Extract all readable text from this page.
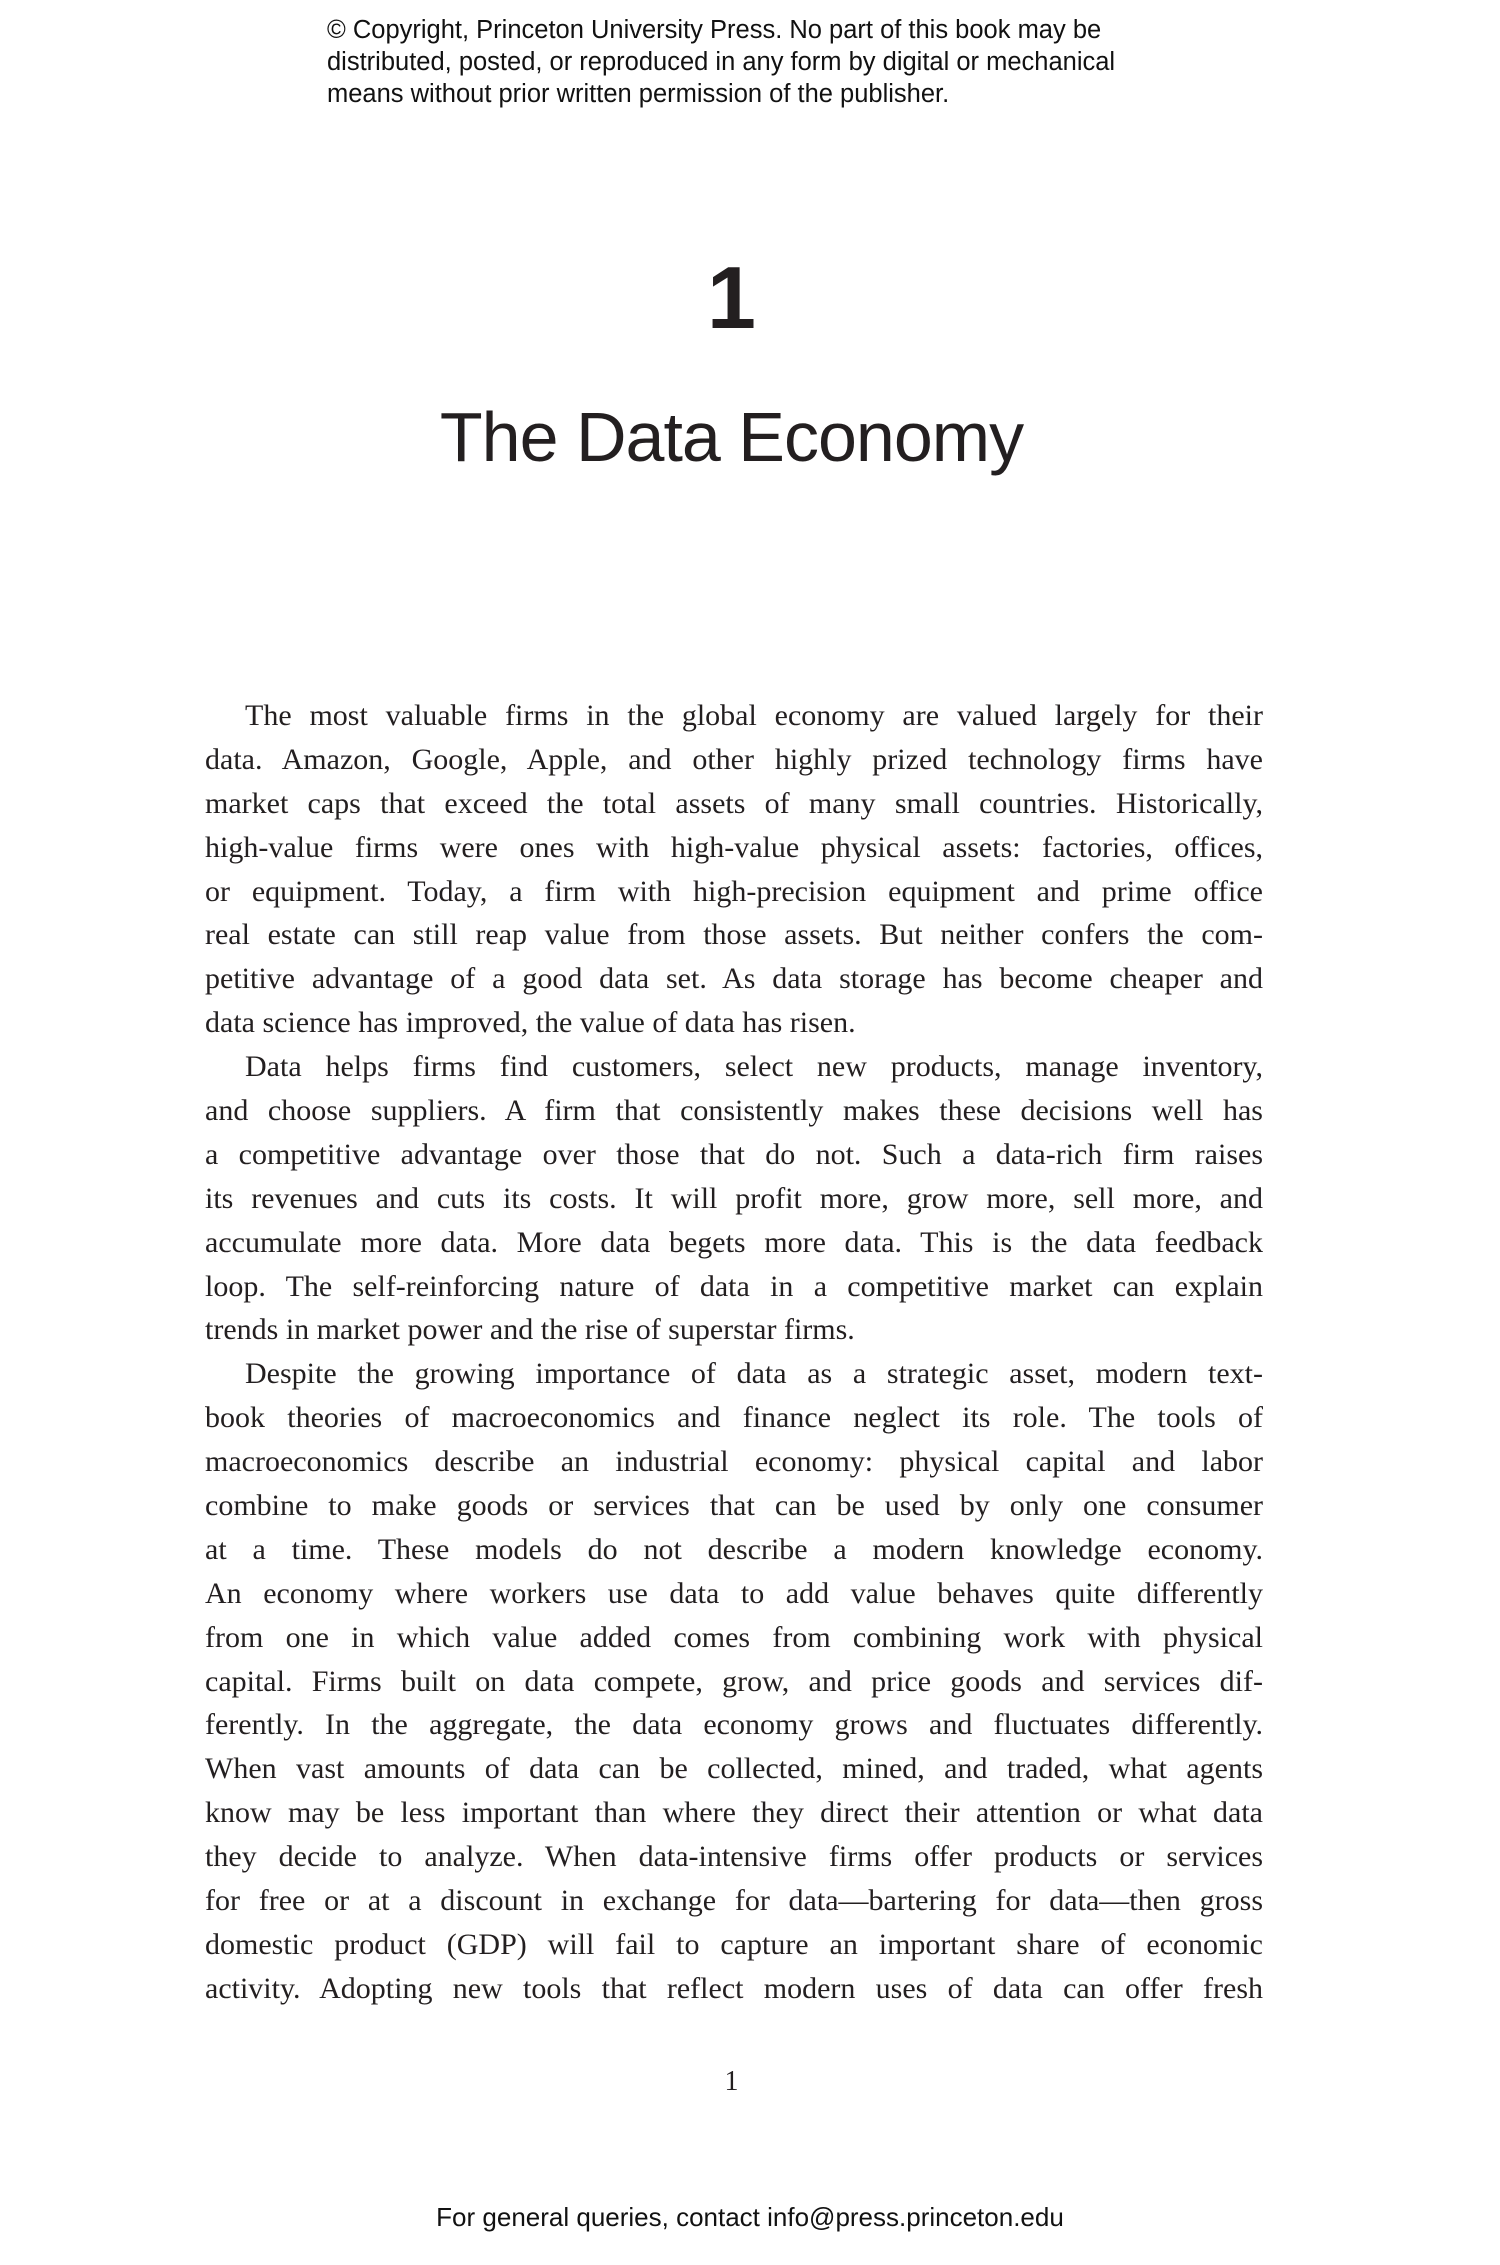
© Copyright, Princeton University Press. No part of this book may be
distributed, posted, or reproduced in any form by digital or mechanical
means without prior written permission of the publisher.
1
The Data Economy
The most valuable firms in the global economy are valued largely for their
data. Amazon, Google, Apple, and other highly prized technology firms have
market caps that exceed the total assets of many small countries. Historically,
high-value firms were ones with high-value physical assets: factories, offices,
or equipment. Today, a firm with high-precision equipment and prime office
real estate can still reap value from those assets. But neither confers the com-
petitive advantage of a good data set. As data storage has become cheaper and
data science has improved, the value of data has risen.
Data helps firms find customers, select new products, manage inventory,
and choose suppliers. A firm that consistently makes these decisions well has
a competitive advantage over those that do not. Such a data-rich firm raises
its revenues and cuts its costs. It will profit more, grow more, sell more, and
accumulate more data. More data begets more data. This is the data feedback
loop. The self-reinforcing nature of data in a competitive market can explain
trends in market power and the rise of superstar firms.
Despite the growing importance of data as a strategic asset, modern text-
book theories of macroeconomics and finance neglect its role. The tools of
macroeconomics describe an industrial economy: physical capital and labor
combine to make goods or services that can be used by only one consumer
at a time. These models do not describe a modern knowledge economy.
An economy where workers use data to add value behaves quite differently
from one in which value added comes from combining work with physical
capital. Firms built on data compete, grow, and price goods and services dif-
ferently. In the aggregate, the data economy grows and fluctuates differently.
When vast amounts of data can be collected, mined, and traded, what agents
know may be less important than where they direct their attention or what data
they decide to analyze. When data-intensive firms offer products or services
for free or at a discount in exchange for data—bartering for data—then gross
domestic product (GDP) will fail to capture an important share of economic
activity. Adopting new tools that reflect modern uses of data can offer fresh
1
For general queries, contact info@press.princeton.edu
